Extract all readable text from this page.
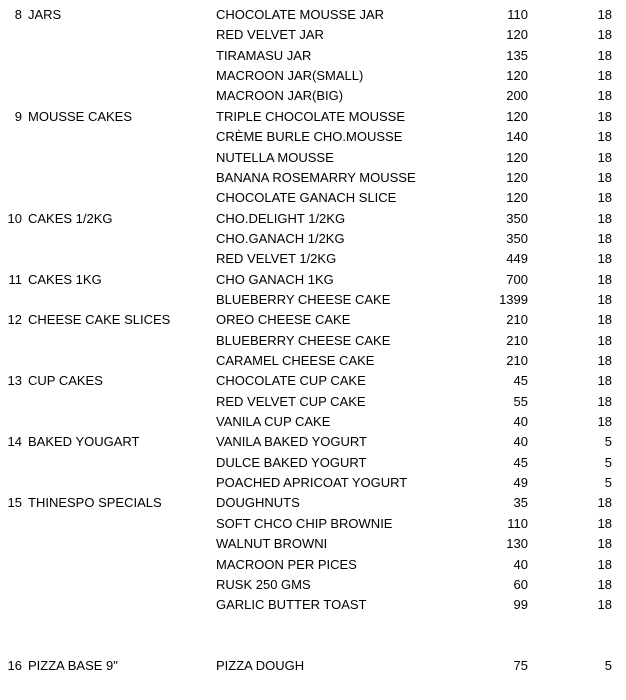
8 JARS	CHOCOLATE MOUSSE JAR	110	18
RED VELVET JAR	120	18
TIRAMASU JAR	135	18
MACROON JAR(SMALL)	120	18
MACROON JAR(BIG)	200	18
9 MOUSSE CAKES	TRIPLE CHOCOLATE MOUSSE	120	18
CRÈME BURLE CHO.MOUSSE	140	18
NUTELLA MOUSSE	120	18
BANANA ROSEMARRY MOUSSE	120	18
CHOCOLATE GANACH SLICE	120	18
10 CAKES 1/2KG	CHO.DELIGHT 1/2KG	350	18
CHO.GANACH 1/2KG	350	18
RED VELVET 1/2KG	449	18
11 CAKES 1KG	CHO GANACH 1KG	700	18
BLUEBERRY CHEESE CAKE	1399	18
12 CHEESE CAKE SLICES	OREO CHEESE CAKE	210	18
BLUEBERRY CHEESE CAKE	210	18
CARAMEL CHEESE CAKE	210	18
13 CUP CAKES	CHOCOLATE CUP CAKE	45	18
RED VELVET CUP CAKE	55	18
VANILA CUP CAKE	40	18
14 BAKED YOUGART	VANILA BAKED YOGURT	40	5
DULCE BAKED YOGURT	45	5
POACHED APRICOAT YOGURT	49	5
15 THINESPO SPECIALS	DOUGHNUTS	35	18
SOFT CHCO CHIP BROWNIE	110	18
WALNUT BROWNI	130	18
MACROON PER PICES	40	18
RUSK 250 GMS	60	18
GARLIC BUTTER TOAST	99	18
16 PIZZA BASE 9"	PIZZA DOUGH	75	5
